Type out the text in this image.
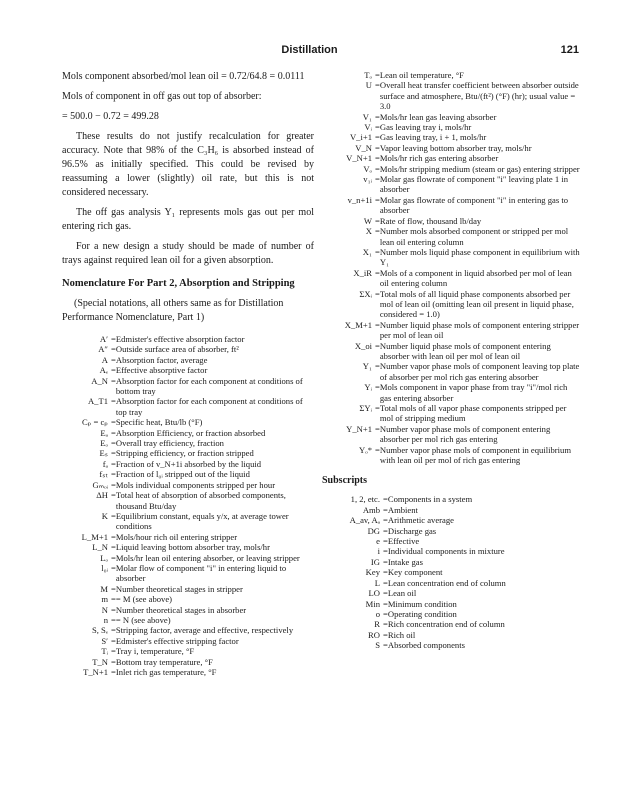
Distillation	121

Mols component absorbed/mol lean oil = 0.72/64.8 = 0.0111

Mols of component in off gas out top of absorber:

= 500.0 − 0.72 = 499.28

These results do not justify recalculation for greater accuracy. Note that 98% of the C₃H₆ is absorbed instead of 96.5% as initially specified. This could be revised by reassuming a lower (slightly) oil rate, but this is not considered necessary.

The off gas analysis Y₁ represents mols gas out per mol entering rich gas.

For a new design a study should be made of number of trays against required lean oil for a given absorption.

Nomenclature For Part 2, Absorption and Stripping
(Special notations, all others same as for Distillation Performance Nomenclature, Part 1)
A′ = Edmister's effective absorption factor
A″ = Outside surface area of absorber, ft²
A = Absorption factor, average
Aₑ = Effective absorptive factor
A_N = Absorption factor for each component at conditions of bottom tray
A_T1 = Absorption factor for each component at conditions of top tray
Cₚ = cₚ = Specific heat, Btu/lb (°F)
Eₐ = Absorption Efficiency, or fraction absorbed
Eₒ = Overall tray efficiency, fraction
Eₛ = Stripping efficiency, or fraction stripped
fₐ = Fraction of v_N+1i absorbed by the liquid
fₛₜ = Fraction of l₀ᵢ stripped out of the liquid
Gₘₒᵢ = Mols individual components stripped per hour
ΔH = Total heat of absorption of absorbed components, thousand Btu/day
K = Equilibrium constant, equals y/x, at average tower conditions
L_M+1 = Mols/hour rich oil entering stripper
L_N = Liquid leaving bottom absorber tray, mols/hr
Lₒ = Mols/hr lean oil entering absorber, or leaving stripper
l₀ᵢ = Molar flow of component "i" in entering liquid to absorber
M = Number theoretical stages in stripper
m = = M (see above)
N = Number theoretical stages in absorber
n = = N (see above)
S, Sₑ = Stripping factor, average and effective, respectively
S′ = Edmister's effective stripping factor
Tᵢ = Tray i, temperature, °F
T_N = Bottom tray temperature, °F
T_N+1 = Inlet rich gas temperature, °F
Tₒ = Lean oil temperature, °F
U = Overall heat transfer coefficient between absorber outside surface and atmosphere, Btu/(ft²) (°F) (hr); usual value = 3.0
V₁ = Mols/hr lean gas leaving absorber
Vᵢ = Gas leaving tray i, mols/hr
V_i+1 = Gas leaving tray, i + 1, mols/hr
V_N = Vapor leaving bottom absorber tray, mols/hr
V_N+1 = Mols/hr rich gas entering absorber
Vₒ = Mols/hr stripping medium (steam or gas) entering stripper
v₁ᵢ = Molar gas flowrate of component "i" leaving plate 1 in absorber
v_n+1i = Molar gas flowrate of component "i" in entering gas to absorber
W = Rate of flow, thousand lb/day
X = Number mols absorbed component or stripped per mol lean oil entering column
X₁ = Number mols liquid phase component in equilibrium with Y₁
X_iR = Mols of a component in liquid absorbed per mol of lean oil entering column
ΣXᵢ = Total mols of all liquid phase components absorbed per mol of lean oil (omitting lean oil present in liquid phase, considered = 1.0)
X_M+1 = Number liquid phase mols of component entering stripper per mol of lean oil
X_oi = Number liquid phase mols of component entering absorber with lean oil per mol of lean oil
Y₁ = Number vapor phase mols of component leaving top plate of absorber per mol rich gas entering absorber
Yᵢ = Mols component in vapor phase from tray "i"/mol rich gas entering absorber
ΣYᵢ = Total mols of all vapor phase components stripped per mol of stripping medium
Y_N+1 = Number vapor phase mols of component entering absorber per mol rich gas entering
Yₒ* = Number vapor phase mols of component in equilibrium with lean oil per mol of rich gas entering
Subscripts
1, 2, etc. = Components in a system
Amb = Ambient
A_av, Aₐ = Arithmetic average
DG = Discharge gas
e = Effective
i = Individual components in mixture
IG = Intake gas
Key = Key component
L = Lean concentration end of column
LO = Lean oil
Min = Minimum condition
o = Operating condition
R = Rich concentration end of column
RO = Rich oil
S = Absorbed components
